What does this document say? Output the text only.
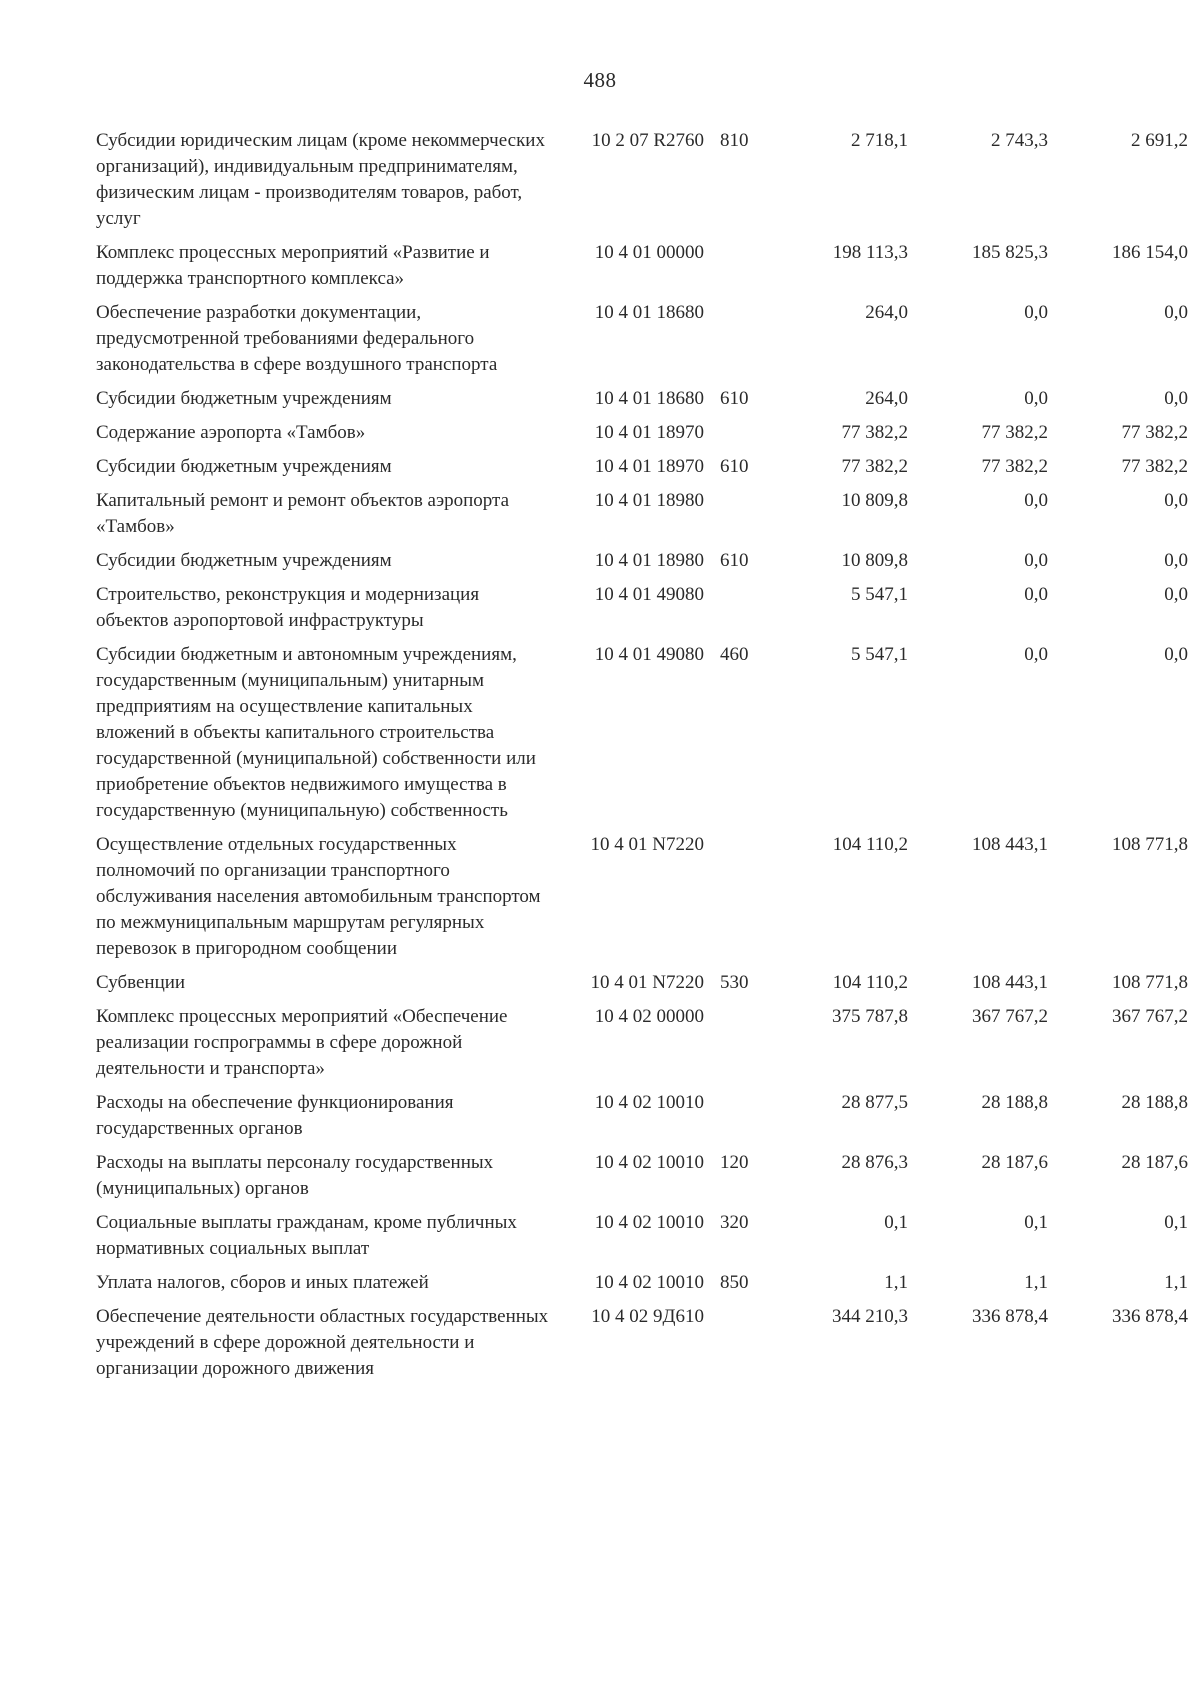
488
Субсидии юридическим лицам (кроме некоммерческих организаций), индивидуальным предпринимателям, физическим лицам - производителям товаров, работ, услуг	10 2 07 R2760	810	2 718,1	2 743,3	2 691,2
Комплекс процессных мероприятий «Развитие и поддержка транспортного комплекса»	10 4 01 00000		198 113,3	185 825,3	186 154,0
Обеспечение разработки документации, предусмотренной требованиями федерального законодательства в сфере воздушного транспорта	10 4 01 18680		264,0	0,0	0,0
Субсидии бюджетным учреждениям	10 4 01 18680	610	264,0	0,0	0,0
Содержание аэропорта «Тамбов»	10 4 01 18970		77 382,2	77 382,2	77 382,2
Субсидии бюджетным учреждениям	10 4 01 18970	610	77 382,2	77 382,2	77 382,2
Капитальный ремонт и ремонт объектов аэропорта «Тамбов»	10 4 01 18980		10 809,8	0,0	0,0
Субсидии бюджетным учреждениям	10 4 01 18980	610	10 809,8	0,0	0,0
Строительство, реконструкция и модернизация объектов аэропортовой инфраструктуры	10 4 01 49080		5 547,1	0,0	0,0
Субсидии бюджетным и автономным учреждениям, государственным (муниципальным) унитарным предприятиям на осуществление капитальных вложений в объекты капитального строительства государственной (муниципальной) собственности или приобретение объектов недвижимого имущества в государственную (муниципальную) собственность	10 4 01 49080	460	5 547,1	0,0	0,0
Осуществление отдельных государственных полномочий по организации транспортного обслуживания населения автомобильным транспортом по межмуниципальным маршрутам регулярных перевозок в пригородном сообщении	10 4 01 N7220		104 110,2	108 443,1	108 771,8
Субвенции	10 4 01 N7220	530	104 110,2	108 443,1	108 771,8
Комплекс процессных мероприятий «Обеспечение реализации госпрограммы в сфере дорожной деятельности и транспорта»	10 4 02 00000		375 787,8	367 767,2	367 767,2
Расходы на обеспечение функционирования государственных органов	10 4 02 10010		28 877,5	28 188,8	28 188,8
Расходы на выплаты персоналу государственных (муниципальных) органов	10 4 02 10010	120	28 876,3	28 187,6	28 187,6
Социальные выплаты гражданам, кроме публичных нормативных социальных выплат	10 4 02 10010	320	0,1	0,1	0,1
Уплата налогов, сборов и иных платежей	10 4 02 10010	850	1,1	1,1	1,1
Обеспечение деятельности областных государственных учреждений в сфере дорожной деятельности и организации дорожного движения	10 4 02 9Д610		344 210,3	336 878,4	336 878,4
